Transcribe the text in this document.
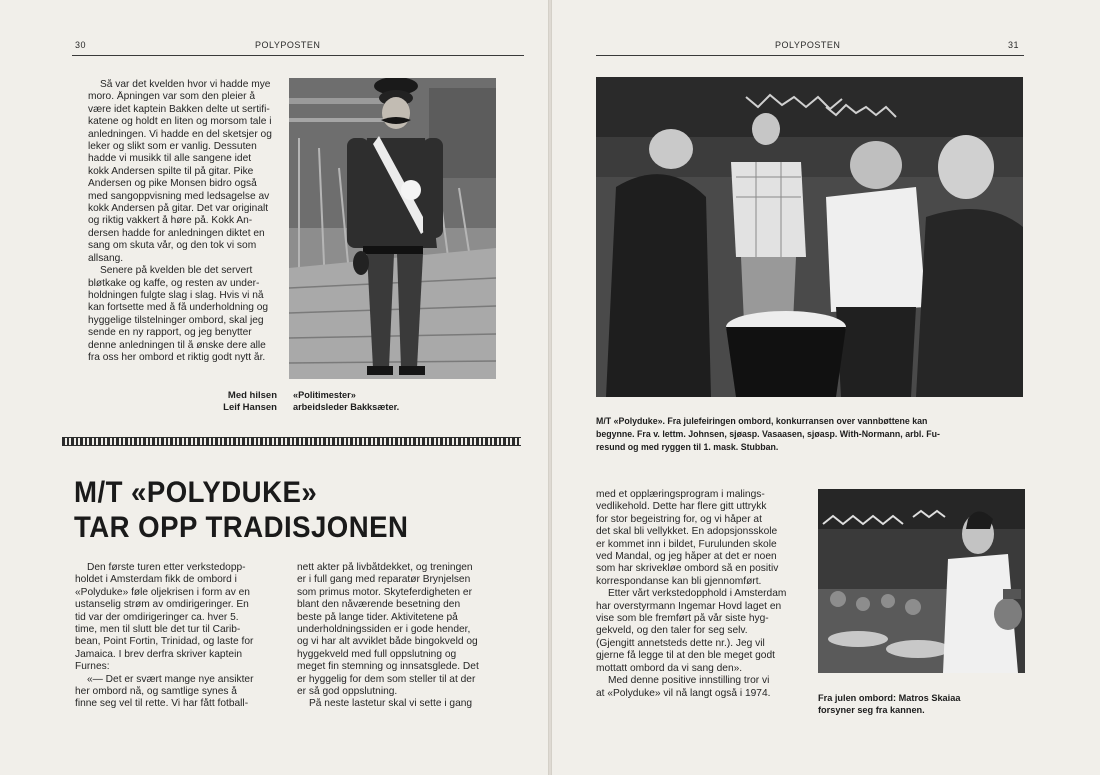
30	POLYPOSTEN
Så var det kvelden hvor vi hadde mye
moro. Åpningen var som den pleier å
være idet kaptein Bakken delte ut sertifi-
katene og holdt en liten og morsom tale i
anledningen. Vi hadde en del sketsjer og
leker og slikt som er vanlig. Dessuten
hadde vi musikk til alle sangene idet
kokk Andersen spilte til på gitar. Pike
Andersen og pike Monsen bidro også
med sangoppvisning med ledsagelse av
kokk Andersen på gitar. Det var originalt
og riktig vakkert å høre på. Kokk An-
dersen hadde for anledningen diktet en
sang om skuta vår, og den tok vi som
allsang.
Senere på kvelden ble det servert
bløtkake og kaffe, og resten av under-
holdningen fulgte slag i slag. Hvis vi nå
kan fortsette med å få underholdning og
hyggelige tilstelninger ombord, skal jeg
sende en ny rapport, og jeg benytter
denne anledningen til å ønske dere alle
fra oss her ombord et riktig godt nytt år.
Med hilsen
Leif Hansen
«Politimester»
arbeidsleder Bakksæter.
M/T «POLYDUKE»
TAR OPP TRADISJONEN
Den første turen etter verkstedopp-
holdet i Amsterdam fikk de ombord i
«Polyduke» føle oljekrisen i form av en
ustanselig strøm av omdirigeringer. En
tid var der omdirigeringer ca. hver 5.
time, men til slutt ble det tur til Carib-
bean, Point Fortin, Trinidad, og laste for
Jamaica. I brev derfra skriver kaptein
Furnes:
«— Det er svært mange nye ansikter
her ombord nå, og samtlige synes å
finne seg vel til rette. Vi har fått fotball-
nett akter på livbåtdekket, og treningen
er i full gang med reparatør Brynjelsen
som primus motor. Skyteferdigheten er
blant den nåværende besetning den
beste på lange tider. Aktivitetene på
underholdningssiden er i gode hender,
og vi har alt avviklet både bingokveld og
hyggekveld med full oppslutning og
meget fin stemning og innsatsglede. Det
er hyggelig for dem som steller til at der
er så god oppslutning.
På neste lastetur skal vi sette i gang
POLYPOSTEN	31
M/T «Polyduke». Fra julefeiringen ombord, konkurransen over vannbøttene kan
begynne. Fra v. lettm. Johnsen, sjøasp. Vasaasen, sjøasp. With-Normann, arbl. Fu-
resund og med ryggen til 1. mask. Stubban.
med et opplæringsprogram i malings-
vedlikehold. Dette har flere gitt uttrykk
for stor begeistring for, og vi håper at
det skal bli vellykket. En adopsjonsskole
er kommet inn i bildet, Furulunden skole
ved Mandal, og jeg håper at det er noen
som har skrivekløe ombord så en positiv
korrespondanse kan bli gjennomført.
Etter vårt verkstedopphold i Amsterdam
har overstyrmann Ingemar Hovd laget en
vise som ble fremført på vår siste hyg-
gekveld, og den taler for seg selv.
(Gjengitt annetsteds dette nr.). Jeg vil
gjerne få legge til at den ble meget godt
mottatt ombord da vi sang den».
Med denne positive innstilling tror vi
at «Polyduke» vil nå langt også i 1974.	Fra julen ombord: Matros Skaiaa
forsyner seg fra kannen.
